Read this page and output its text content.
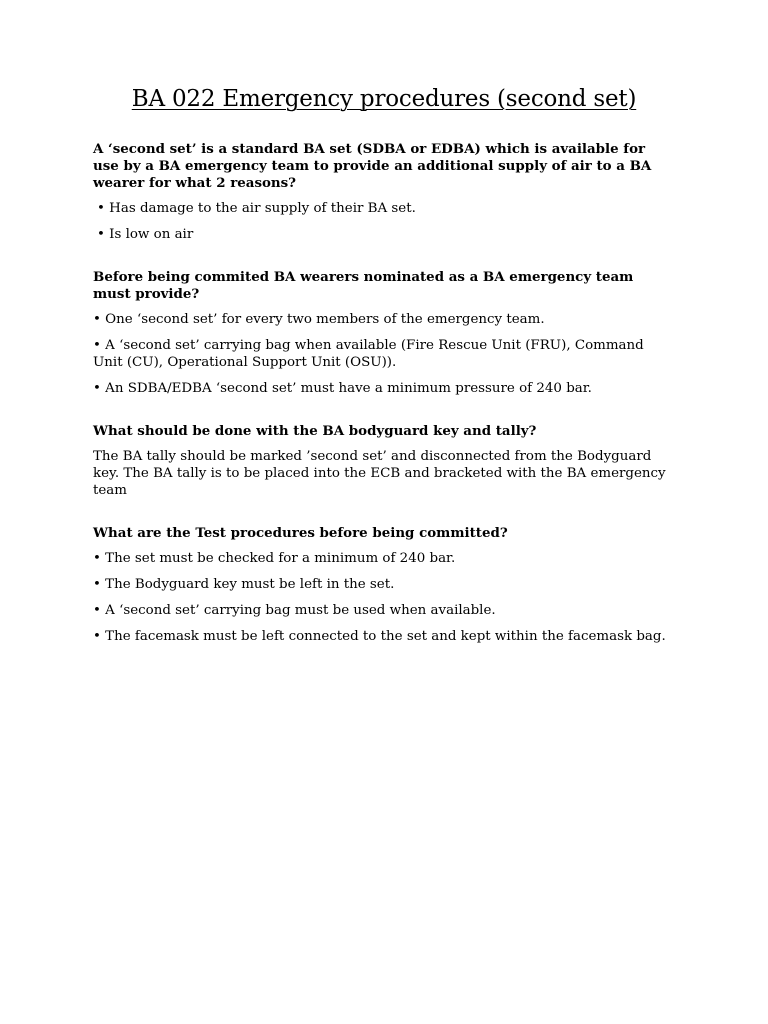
BA 022 Emergency procedures (second set)

A ‘second set’ is a standard BA set (SDBA or EDBA) which is available for use by a BA emergency team to provide an additional supply of air to a BA wearer for what 2 reasons?

• Has damage to the air supply of their BA set.

• Is low on air

Before being commited BA wearers nominated as a BA emergency team must provide?

• One ‘second set’ for every two members of the emergency team.

• A ‘second set’ carrying bag when available (Fire Rescue Unit (FRU), Command Unit (CU), Operational Support Unit (OSU)).

• An SDBA/EDBA ‘second set’ must have a minimum pressure of 240 bar.

What should be done with the BA bodyguard key and tally?

The BA tally should be marked ’second set’ and disconnected from the Bodyguard key. The BA tally is to be placed into the ECB and bracketed with the BA emergency team

What are the Test procedures before being committed?

• The set must be checked for a minimum of 240 bar.

• The Bodyguard key must be left in the set.

• A ‘second set’ carrying bag must be used when available.

• The facemask must be left connected to the set and kept within the facemask bag.
